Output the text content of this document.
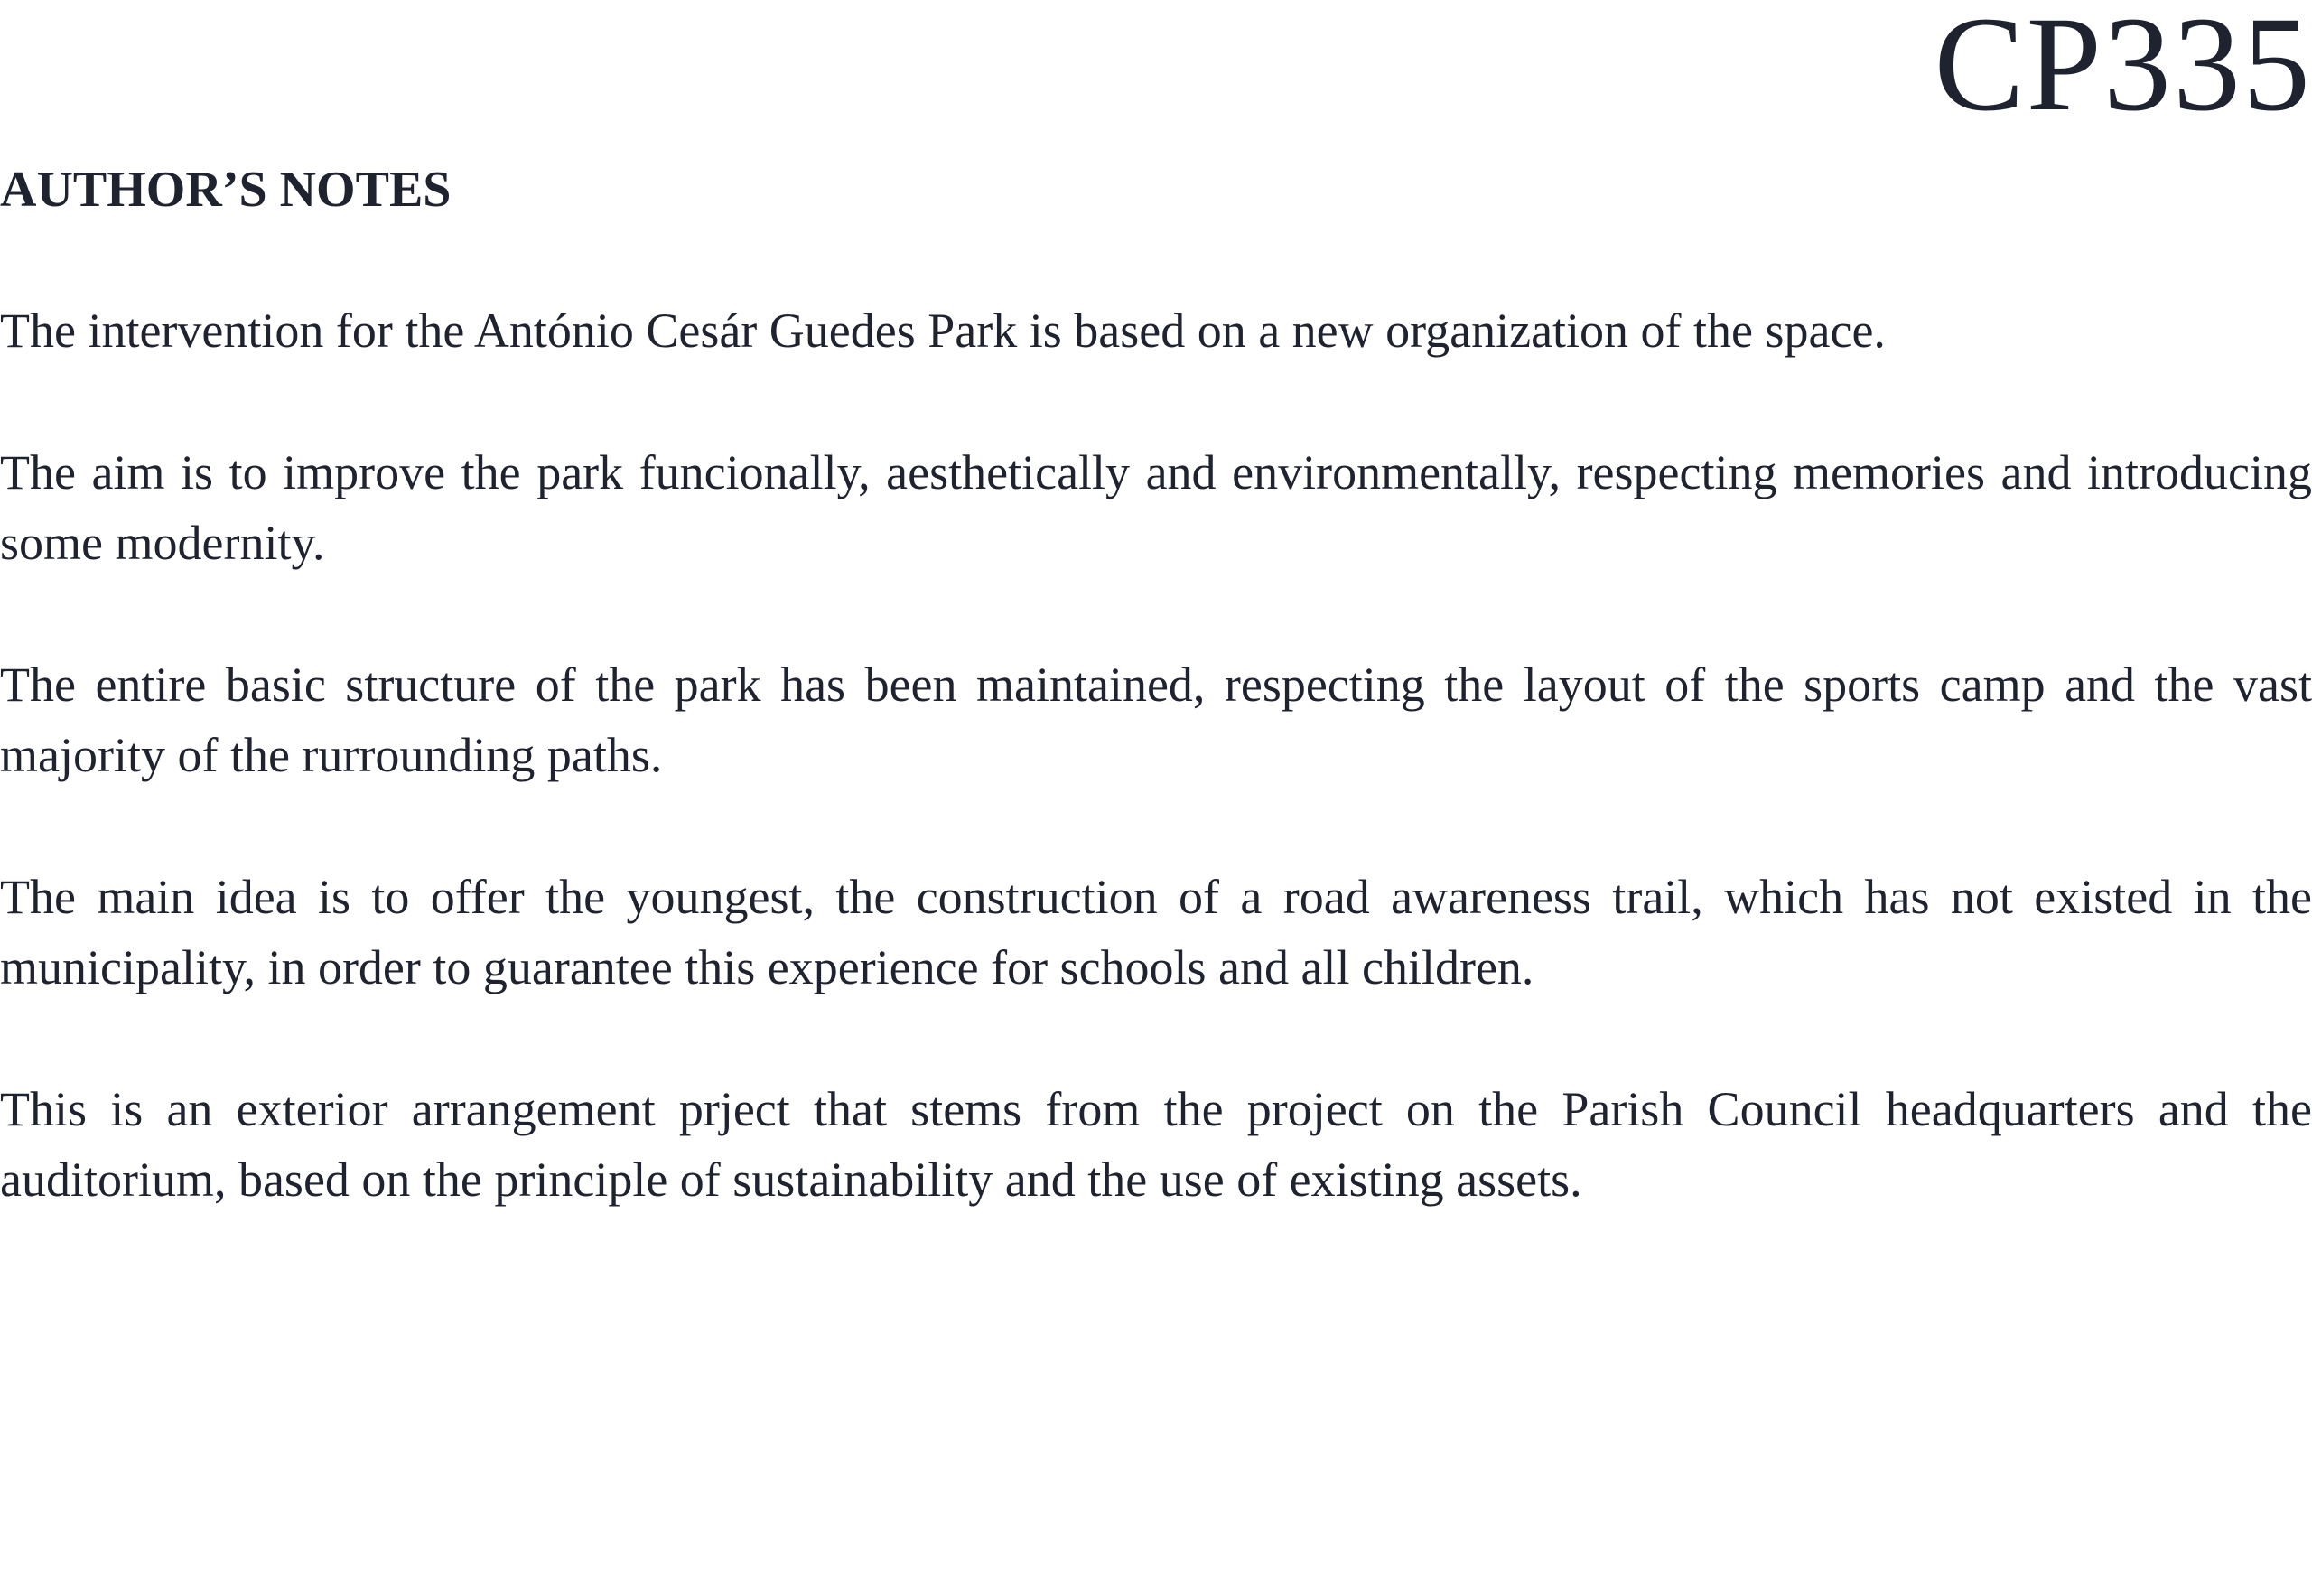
CP335
AUTHOR’S NOTES

The intervention for the António Cesár Guedes Park is based on a new organization of the space.

The aim is to improve the park funcionally, aesthetically and environmentally, respecting memories and introducing some modernity.

The entire basic structure of the park has been maintained, respecting the layout of the sports camp and the vast majority of the rurrounding paths.

The main idea is to offer the youngest, the construction of a road awareness trail, which has not existed in the municipality, in order to guarantee this experience for schools and all children.

This is an exterior arrangement prject that stems from the project on the Parish Council headquarters and the auditorium, based on the principle of sustainability and the use of existing assets.
